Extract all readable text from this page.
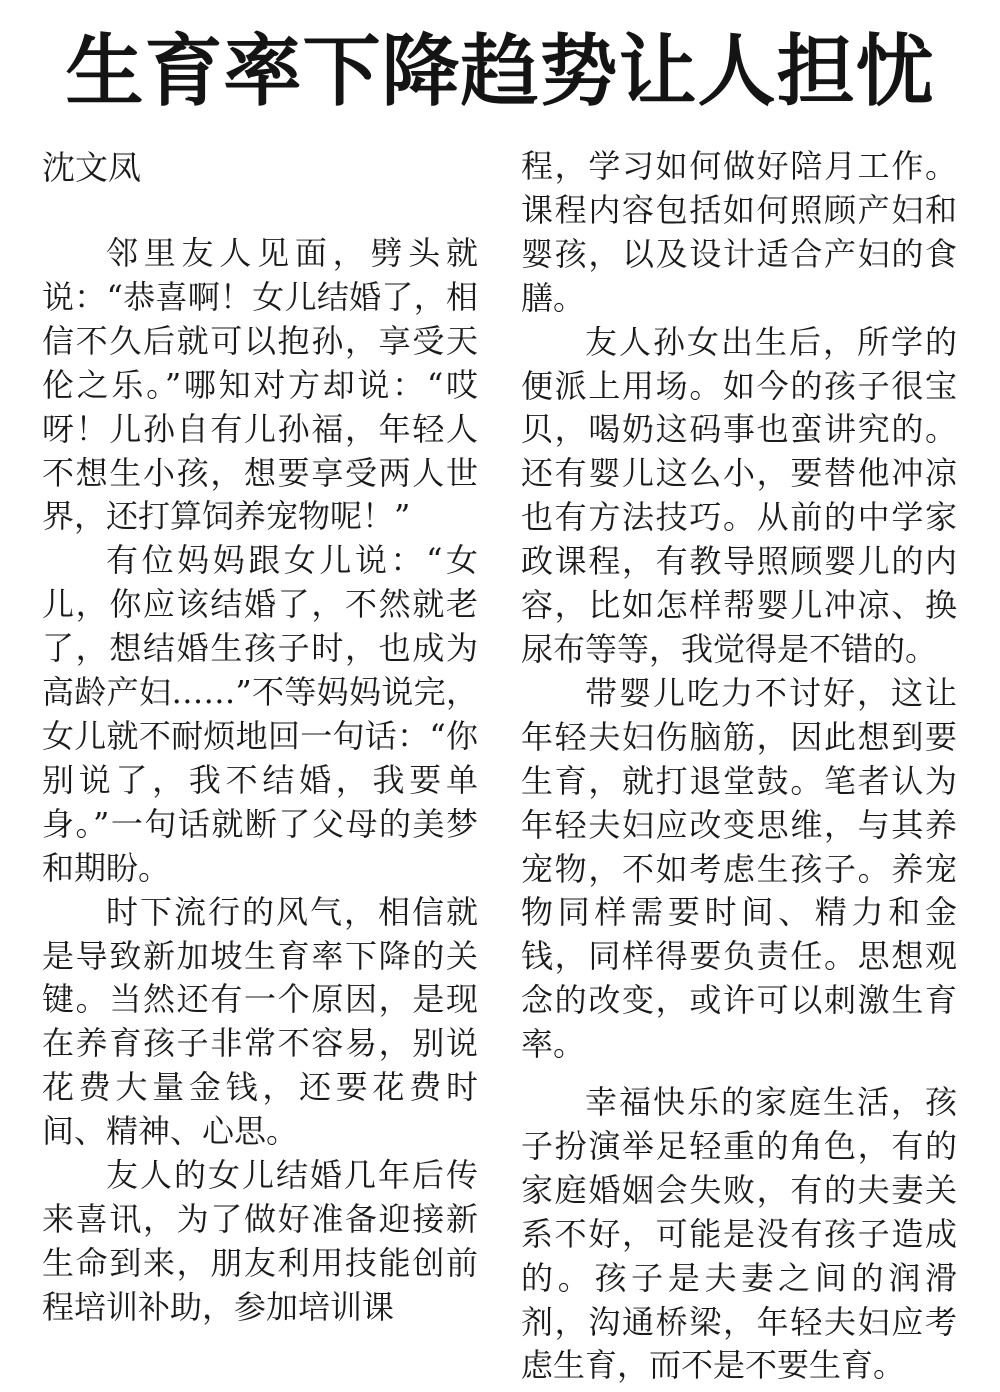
生育率下降趋势让人担忧
沈文凤

邻里友人见面，劈头就说：“恭喜啊！女儿结婚了，相信不久后就可以抱孙，享受天伦之乐。”哪知对方却说：“哎呀！儿孙自有儿孙福，年轻人不想生小孩，想要享受两人世界，还打算饲养宠物呢！”

有位妈妈跟女儿说：“女儿，你应该结婚了，不然就老了，想结婚生孩子时，也成为高龄产妇……”不等妈妈说完，女儿就不耐烦地回一句话：“你别说了，我不结婚，我要单身。”一句话就断了父母的美梦和期盼。

时下流行的风气，相信就是导致新加坡生育率下降的关键。当然还有一个原因，是现在养育孩子非常不容易，别说花费大量金钱，还要花费时间、精神、心思。

友人的女儿结婚几年后传来喜讯，为了做好准备迎接新生命到来，朋友利用技能创前程培训补助，参加培训课

程，学习如何做好陪月工作。课程内容包括如何照顾产妇和婴孩，以及设计适合产妇的食膳。

友人孙女出生后，所学的便派上用场。如今的孩子很宝贝，喝奶这码事也蛮讲究的。还有婴儿这么小，要替他冲凉也有方法技巧。从前的中学家政课程，有教导照顾婴儿的内容，比如怎样帮婴儿冲凉、换尿布等等，我觉得是不错的。

带婴儿吃力不讨好，这让年轻夫妇伤脑筋，因此想到要生育，就打退堂鼓。笔者认为年轻夫妇应改变思维，与其养宠物，不如考虑生孩子。养宠物同样需要时间、精力和金钱，同样得要负责任。思想观念的改变，或许可以刺激生育率。

幸福快乐的家庭生活，孩子扮演举足轻重的角色，有的家庭婚姻会失败，有的夫妻关系不好，可能是没有孩子造成的。孩子是夫妻之间的润滑剂，沟通桥梁，年轻夫妇应考虑生育，而不是不要生育。
